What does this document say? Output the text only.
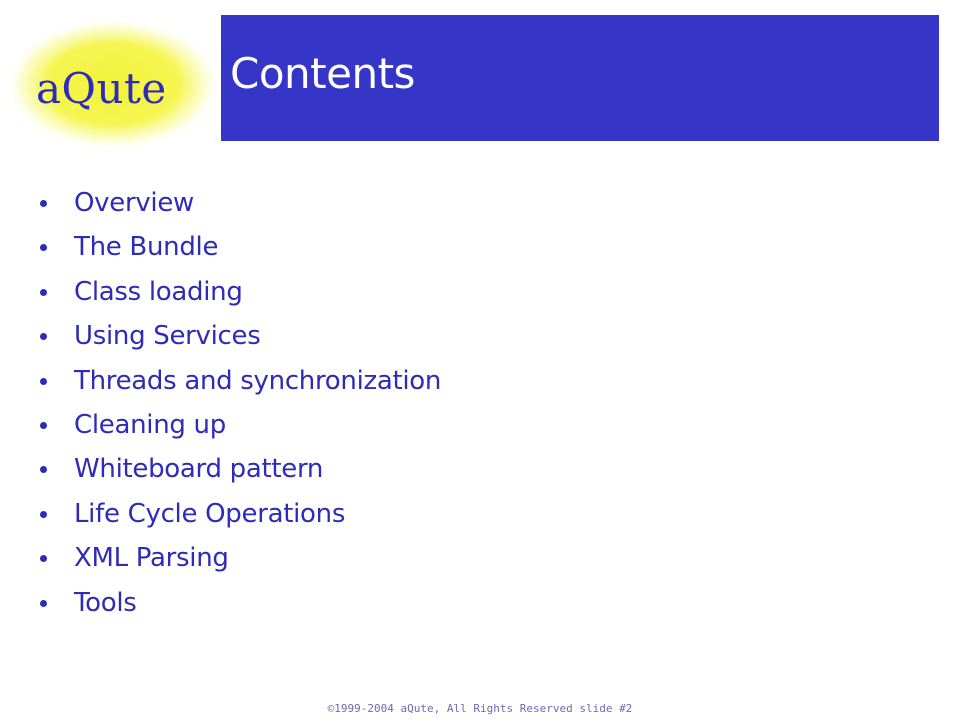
aQute Contents
Overview
The Bundle
Class loading
Using Services
Threads and synchronization
Cleaning up
Whiteboard pattern
Life Cycle Operations
XML Parsing
Tools
©1999-2004 aQute, All Rights Reserved slide #2
